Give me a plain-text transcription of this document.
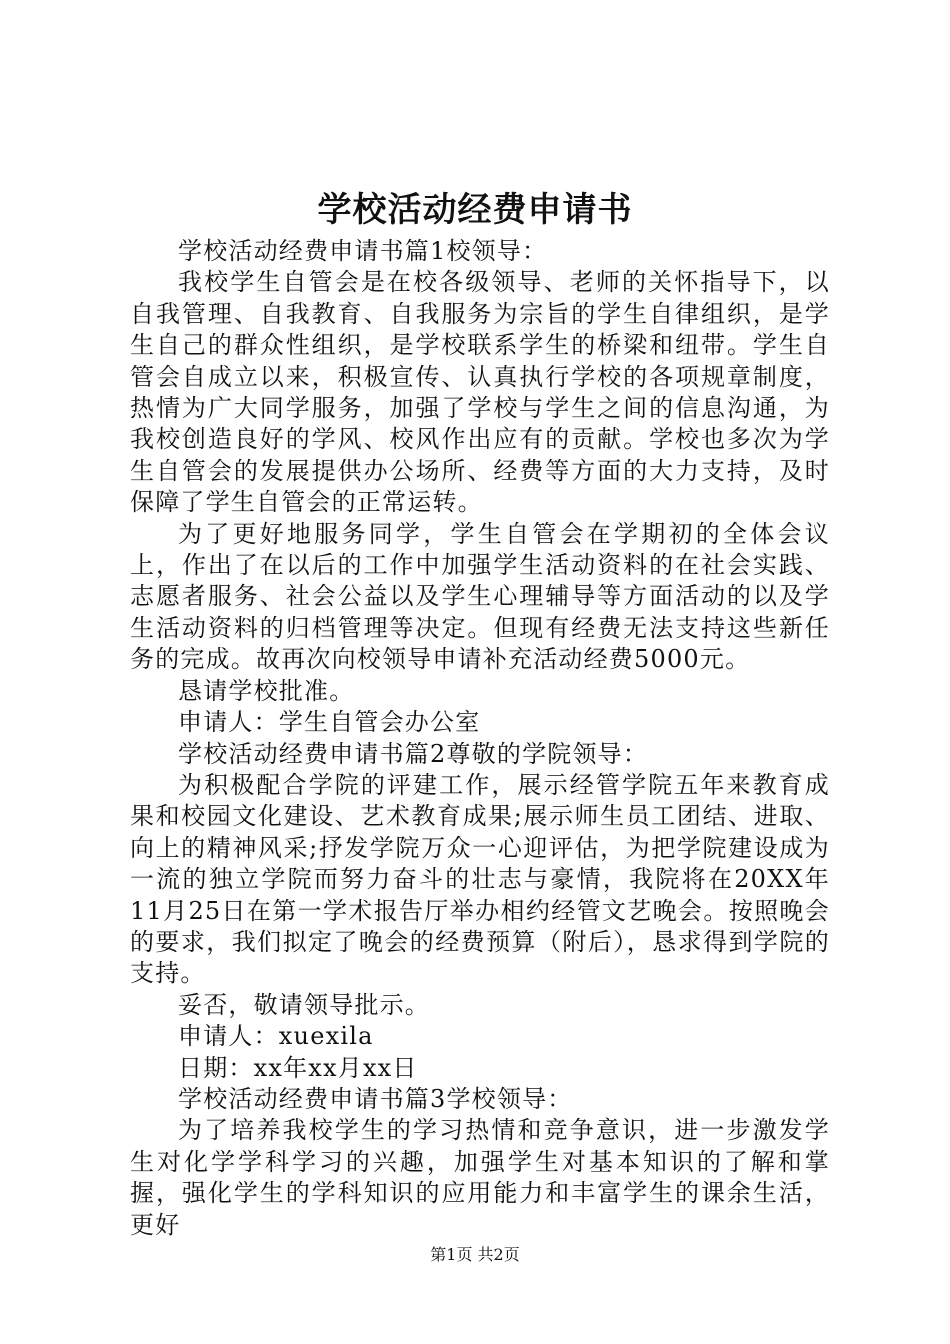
学校活动经费申请书

学校活动经费申请书篇1校领导：

我校学生自管会是在校各级领导、老师的关怀指导下，以自我管理、自我教育、自我服务为宗旨的学生自律组织，是学生自己的群众性组织，是学校联系学生的桥梁和纽带。学生自管会自成立以来，积极宣传、认真执行学校的各项规章制度，热情为广大同学服务，加强了学校与学生之间的信息沟通，为我校创造良好的学风、校风作出应有的贡献。学校也多次为学生自管会的发展提供办公场所、经费等方面的大力支持，及时保障了学生自管会的正常运转。

为了更好地服务同学，学生自管会在学期初的全体会议上，作出了在以后的工作中加强学生活动资料的在社会实践、志愿者服务、社会公益以及学生心理辅导等方面活动的以及学生活动资料的归档管理等决定。但现有经费无法支持这些新任务的完成。故再次向校领导申请补充活动经费5000元。

恳请学校批准。

申请人：学生自管会办公室

学校活动经费申请书篇2尊敬的学院领导：

为积极配合学院的评建工作，展示经管学院五年来教育成果和校园文化建设、艺术教育成果;展示师生员工团结、进取、向上的精神风采;抒发学院万众一心迎评估，为把学院建设成为一流的独立学院而努力奋斗的壮志与豪情，我院将在20XX年11月25日在第一学术报告厅举办相约经管文艺晚会。按照晚会的要求，我们拟定了晚会的经费预算（附后），恳求得到学院的支持。

妥否，敬请领导批示。

申请人：xuexila

日期：xx年xx月xx日

学校活动经费申请书篇3学校领导：

为了培养我校学生的学习热情和竞争意识，进一步激发学生对化学学科学习的兴趣，加强学生对基本知识的了解和掌握，强化学生的学科知识的应用能力和丰富学生的课余生活，更好

第1页 共2页
